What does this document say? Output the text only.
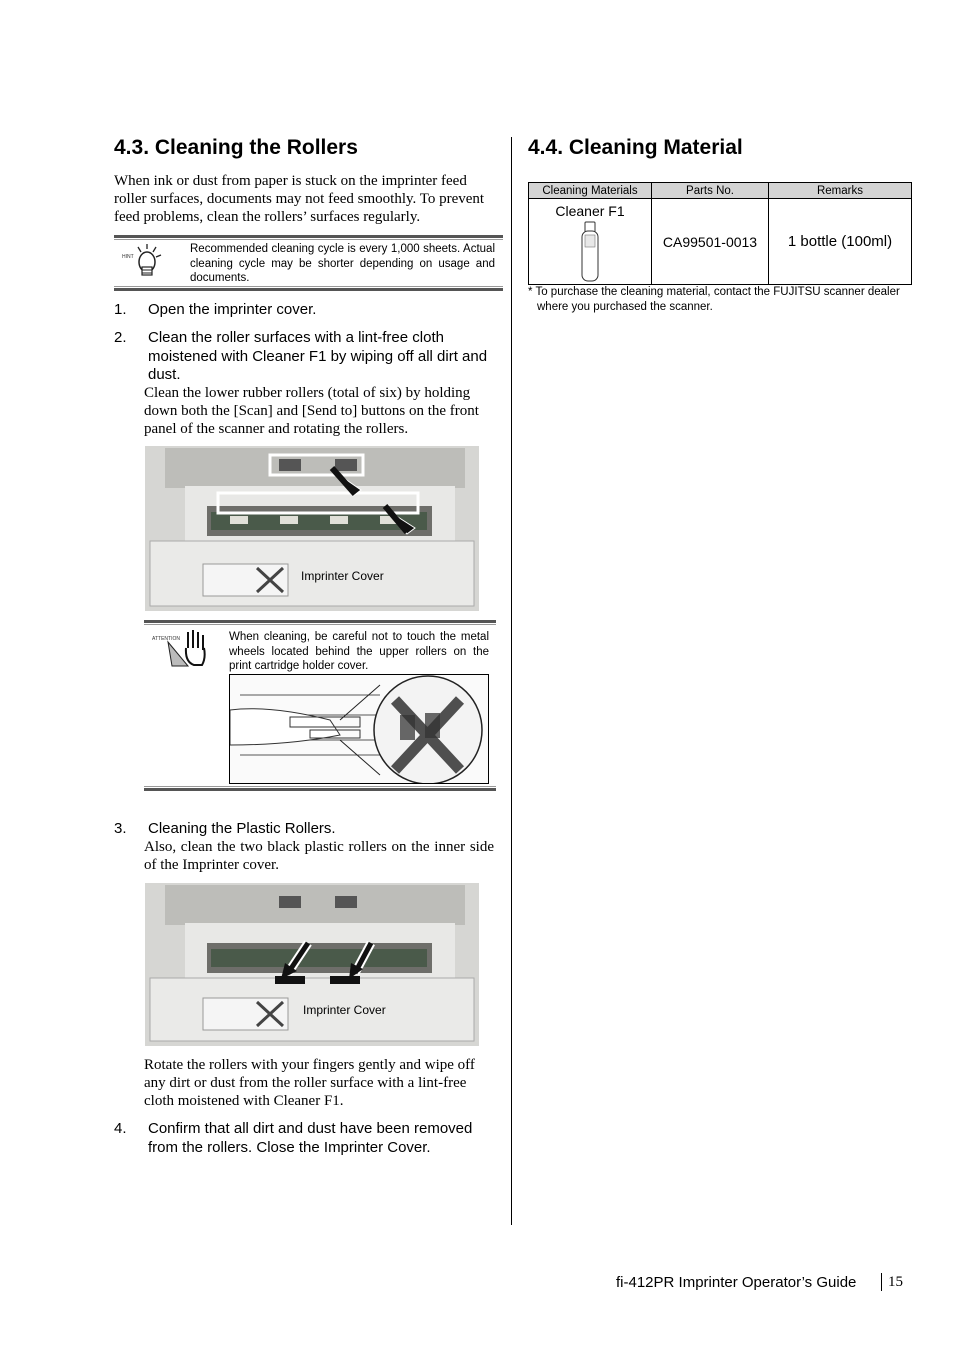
4.3. Cleaning the Rollers
When ink or dust from paper is stuck on the imprinter feed roller surfaces, documents may not feed smoothly. To prevent feed problems, clean the rollers’ surfaces regularly.
HINT
Recommended cleaning cycle is every 1,000 sheets. Actual cleaning cycle may be shorter depending on usage and documents.
1. Open the imprinter cover.
2. Clean the roller surfaces with a lint-free cloth moistened with Cleaner F1 by wiping off all dirt and dust.
Clean the lower rubber rollers (total of six) by holding down both the [Scan] and [Send to] buttons on the front panel of the scanner and rotating the rollers.
Imprinter Cover
ATTENTION	When cleaning, be careful not to touch the metal wheels located behind the upper rollers on the print cartridge holder cover.
3. Cleaning the Plastic Rollers.
Also, clean the two black plastic rollers on the inner side of the Imprinter cover.
Imprinter Cover
Rotate the rollers with your fingers gently and wipe off any dirt or dust from the roller surface with a lint-free cloth moistened with Cleaner F1.
4. Confirm that all dirt and dust have been removed from the rollers. Close the Imprinter Cover.
4.4. Cleaning Material
Cleaning Materials	Parts No.	Remarks

Cleaner F1	CA99501-0013	1 bottle (100ml)
* To purchase the cleaning material, contact the FUJITSU scanner dealer where you purchased the scanner.
fi-412PR Imprinter Operator’s Guide 15
